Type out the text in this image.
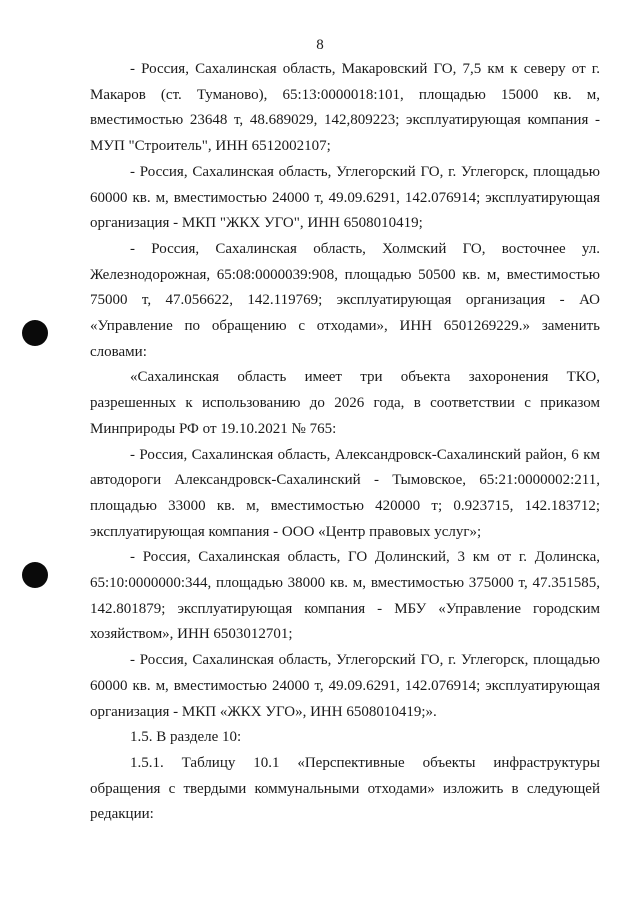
8

- Россия, Сахалинская область, Макаровский ГО, 7,5 км к северу от г. Макаров (ст. Туманово), 65:13:0000018:101, площадью 15000 кв. м, вместимостью 23648 т, 48.689029, 142,809223; эксплуатирующая компания - МУП "Строитель", ИНН 6512002107;

- Россия, Сахалинская область, Углегорский ГО, г. Углегорск, площадью 60000 кв. м, вместимостью 24000 т, 49.09.6291, 142.076914; эксплуатирующая организация - МКП "ЖКХ УГО", ИНН 6508010419;

- Россия, Сахалинская область, Холмский ГО, восточнее ул. Железнодорожная, 65:08:0000039:908, площадью 50500 кв. м, вместимостью 75000 т, 47.056622, 142.119769; эксплуатирующая организация - АО «Управление по обращению с отходами», ИНН 6501269229.» заменить словами:

«Сахалинская область имеет три объекта захоронения ТКО, разрешенных к использованию до 2026 года, в соответствии с приказом Минприроды РФ от 19.10.2021 № 765:

- Россия, Сахалинская область, Александровск-Сахалинский район, 6 км автодороги Александровск-Сахалинский - Тымовское, 65:21:0000002:211, площадью 33000 кв. м, вместимостью 420000 т; 0.923715, 142.183712; эксплуатирующая компания - ООО «Центр правовых услуг»;

- Россия, Сахалинская область, ГО Долинский, 3 км от г. Долинска, 65:10:0000000:344, площадью 38000 кв. м, вместимостью 375000 т, 47.351585, 142.801879; эксплуатирующая компания - МБУ «Управление городским хозяйством», ИНН 6503012701;

- Россия, Сахалинская область, Углегорский ГО, г. Углегорск, площадью 60000 кв. м, вместимостью 24000 т, 49.09.6291, 142.076914; эксплуатирующая организация - МКП «ЖКХ УГО», ИНН 6508010419;».

1.5. В разделе 10:

1.5.1. Таблицу 10.1 «Перспективные объекты инфраструктуры обращения с твердыми коммунальными отходами» изложить в следующей редакции:
